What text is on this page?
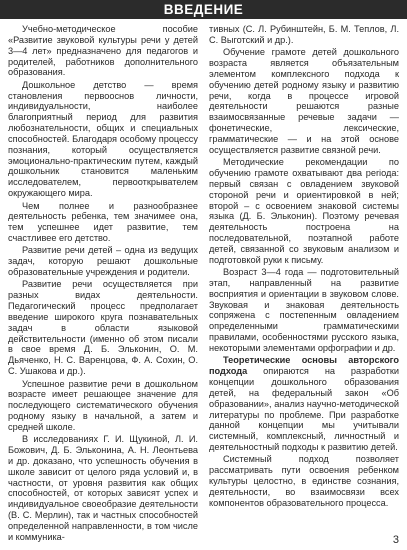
ВВЕДЕНИЕ

Учебно-методическое пособие «Развитие звуковой культуры речи у детей 3—4 лет» предназначено для педагогов и родителей, работников дополнительного образования.

Дошкольное детство — время становления первооснов личности, индивидуальности, наиболее благоприятный период для развития любознательности, общих и специальных способностей. Благодаря особому процессу познания, который осуществляется эмоционально-практическим путем, каждый дошкольник становится маленьким исследователем, первооткрывателем окружающего мира.

Чем полнее и разнообразнее деятельность ребенка, тем значимее она, тем успешнее идет развитие, тем счастливее его детство.

Развитие речи детей – одна из ведущих задач, которую решают дошкольные образовательные учреждения и родители.

Развитие речи осуществляется при разных видах деятельности. Педагогический процесс предполагает введение широкого круга познавательных задач в области языковой действительности (именно об этом писали в свое время Д. Б. Эльконин, О. М. Дьяченко, Н. С. Варенцова, Ф. А. Сохин, О. С. Ушакова и др.).

Успешное развитие речи в дошкольном возрасте имеет решающее значение для последующего систематического обучения родному языку в начальной, а затем и средней школе.

В исследованиях Г. И. Щукиной, Л. И. Божович, Д. Б. Эльконина, А. Н. Леонтьева и др. доказано, что успешность обучения в школе зависит от целого ряда условий и, в частности, от уровня развития как общих способностей, от которых зависят успех и индивидуальное своеобразие деятельности (В. С. Мерлин), так и частных способностей определенной направленности, в том числе и коммуника-

тивных (С. Л. Рубинштейн, Б. М. Теплов, Л. С. Выготский и др.).

Обучение грамоте детей дошкольного возраста является объязательным элементом комплексного подхода к обучению детей родному языку и развитию речи, когда в процессе игровой деятельности решаются разные взаимосвязанные речевые задачи — фонетические, лексические, грамматические — и на этой основе осуществляется развитие связной речи.

Методические рекомендации по обучению грамоте охватывают два periода: первый связан с овладением звуковой стороной речи и ориентировкой в ней; второй – с освоением знаковой системы языка (Д. Б. Эльконин). Поэтому речевая деятельность построена на последовательной, поэтапной работе детей, связанной со звуковым анализом и подготовкой руки к письму.

Возраст 3—4 года — подготовительный этап, направленный на развитие восприятия и ориентации в звуковом слове. Звуковая и знаковая деятельность сопряжена с постепенным овладением определенными грамматическими правилами, особенностями русского языка, некоторыми элементами орфографии и др.

Теоретические основы авторского подхода опираются на разработки концепции дошкольного образования детей, на федеральный закон «Об образовании», анализ научно-методической литературы по проблеме. При разработке данной концепции мы учитывали системный, комплексный, личностный и деятельностный подходы к развитию детей.

Системный подход позволяет рассматривать пути освоения ребенком культуры целостно, в единстве сознания, деятельности, во взаимосвязи всех компонентов образовательного процесса.

3
